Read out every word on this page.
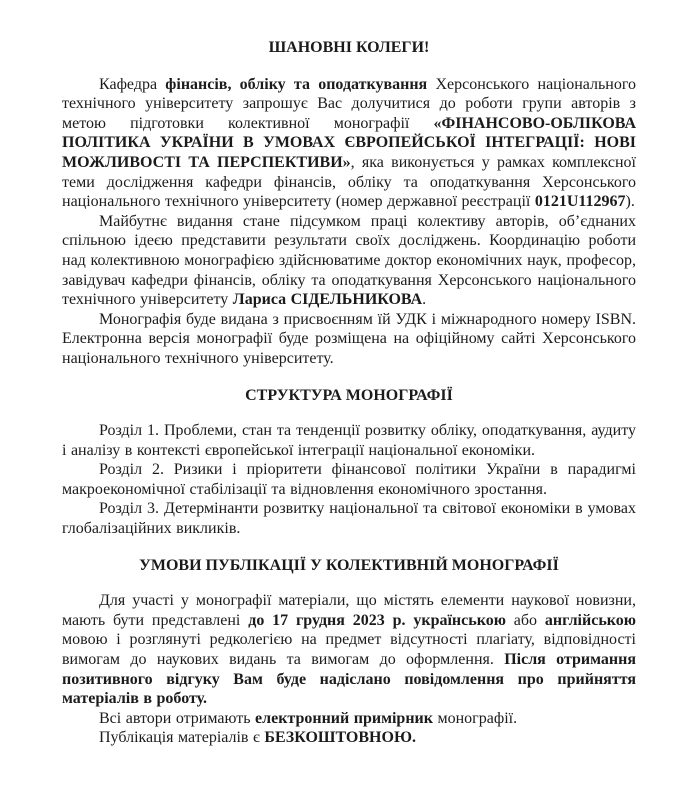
ШАНОВНІ КОЛЕГИ!

Кафедра фінансів, обліку та оподаткування Херсонського національного технічного університету запрошує Вас долучитися до роботи групи авторів з метою підготовки колективної монографії «ФІНАНСОВО-ОБЛІКОВА ПОЛІТИКА УКРАЇНИ В УМОВАХ ЄВРОПЕЙСЬКОЇ ІНТЕГРАЦІЇ: НОВІ МОЖЛИВОСТІ ТА ПЕРСПЕКТИВИ», яка виконується у рамках комплексної теми дослідження кафедри фінансів, обліку та оподаткування Херсонського національного технічного університету (номер державної реєстрації 0121U112967).

Майбутнє видання стане підсумком праці колективу авторів, об’єднаних спільною ідеєю представити результати своїх досліджень. Координацію роботи над колективною монографією здійснюватиме доктор економічних наук, професор, завідувач кафедри фінансів, обліку та оподаткування Херсонського національного технічного університету Лариса СІДЕЛЬНИКОВА.

Монографія буде видана з присвоєнням їй УДК і міжнародного номеру ISBN. Електронна версія монографії буде розміщена на офіційному сайті Херсонського національного технічного університету.

СТРУКТУРА МОНОГРАФІЇ

Розділ 1. Проблеми, стан та тенденції розвитку обліку, оподаткування, аудиту і аналізу в контексті європейської інтеграції національної економіки.

Розділ 2. Ризики і пріоритети фінансової політики України в парадигмі макроекономічної стабілізації та відновлення економічного зростання.

Розділ 3. Детермінанти розвитку національної та світової економіки в умовах глобалізаційних викликів.

УМОВИ ПУБЛІКАЦІЇ У КОЛЕКТИВНІЙ МОНОГРАФІЇ

Для участі у монографії матеріали, що містять елементи наукової новизни, мають бути представлені до 17 грудня 2023 р. українською або англійською мовою і розглянуті редколегією на предмет відсутності плагіату, відповідності вимогам до наукових видань та вимогам до оформлення. Після отримання позитивного відгуку Вам буде надіслано повідомлення про прийняття матеріалів в роботу.

Всі автори отримають електронний примірник монографії.

Публікація матеріалів є БЕЗКОШТОВНОЮ.
